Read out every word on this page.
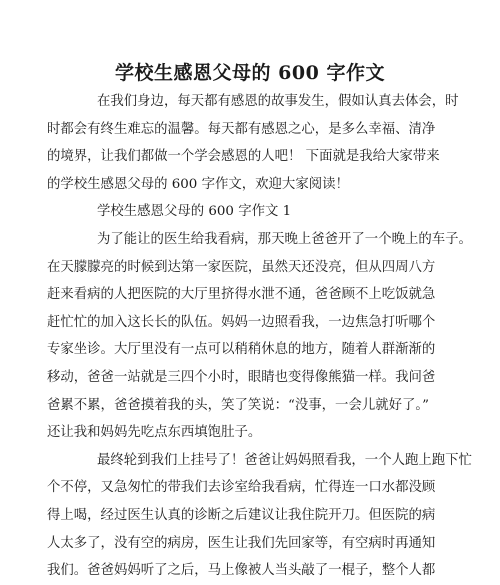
学校生感恩父母的 600 字作文
在我们身边，每天都有感恩的故事发生，假如认真去体会，时
时都会有终生难忘的温馨。每天都有感恩之心，是多么幸福、清净
的境界，让我们都做一个学会感恩的人吧！ 下面就是我给大家带来
的学校生感恩父母的 600 字作文，欢迎大家阅读！
学校生感恩父母的 600 字作文 1
为了能让的医生给我看病，那天晚上爸爸开了一个晚上的车子。
在天朦朦亮的时候到达第一家医院，虽然天还没亮，但从四周八方
赶来看病的人把医院的大厅里挤得水泄不通，爸爸顾不上吃饭就急
赶忙忙的加入这长长的队伍。妈妈一边照看我，一边焦急打听哪个
专家坐诊。大厅里没有一点可以稍稍休息的地方，随着人群渐渐的
移动，爸爸一站就是三四个小时，眼睛也变得像熊猫一样。我问爸
爸累不累，爸爸摸着我的头，笑了笑说：“没事，一会儿就好了。”
还让我和妈妈先吃点东西填饱肚子。
最终轮到我们上挂号了！爸爸让妈妈照看我，一个人跑上跑下忙
个不停，又急匆忙的带我们去诊室给我看病，忙得连一口水都没顾
得上喝，经过医生认真的诊断之后建议让我住院开刀。但医院的病
人太多了，没有空的病房，医生让我们先回家等，有空病时再通知
我们。爸爸妈妈听了之后，马上像被人当头敲了一棍子，整个人都
